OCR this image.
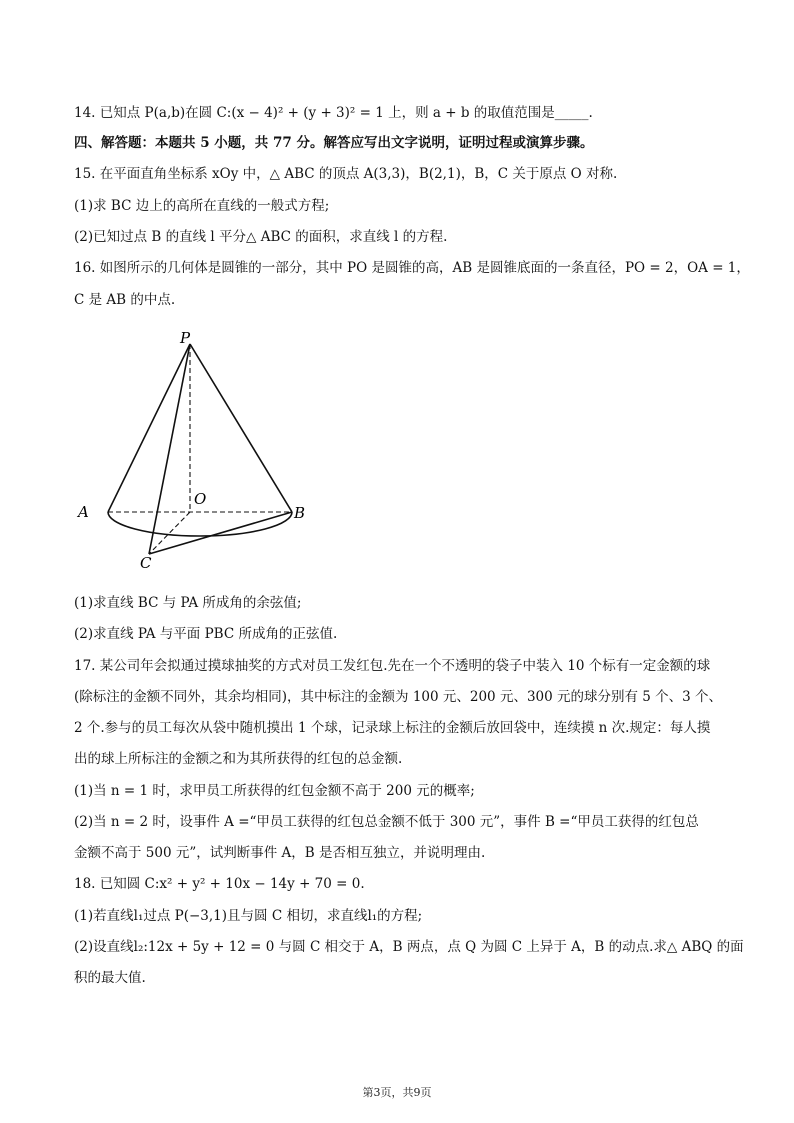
14. 已知点 P(a,b)在圆 C:(x − 4)² + (y + 3)² = 1 上，则 a + b 的取值范围是_____.
四、解答题：本题共 5 小题，共 77 分。解答应写出文字说明，证明过程或演算步骤。
15. 在平面直角坐标系 xOy 中，△ ABC 的顶点 A(3,3)，B(2,1)，B，C 关于原点 O 对称.
(1)求 BC 边上的高所在直线的一般式方程;
(2)已知过点 B 的直线 l 平分△ ABC 的面积，求直线 l 的方程.
16. 如图所示的几何体是圆锥的一部分，其中 PO 是圆锥的高，AB 是圆锥底面的一条直径，PO = 2，OA = 1，
C 是 AB 的中点.
P
O
A	B
C
(1)求直线 BC 与 PA 所成角的余弦值;
(2)求直线 PA 与平面 PBC 所成角的正弦值.
17. 某公司年会拟通过摸球抽奖的方式对员工发红包.先在一个不透明的袋子中装入 10 个标有一定金额的球
(除标注的金额不同外，其余均相同)，其中标注的金额为 100 元、200 元、300 元的球分别有 5 个、3 个、
2 个.参与的员工每次从袋中随机摸出 1 个球，记录球上标注的金额后放回袋中，连续摸 n 次.规定：每人摸
出的球上所标注的金额之和为其所获得的红包的总金额.
(1)当 n = 1 时，求甲员工所获得的红包金额不高于 200 元的概率;
(2)当 n = 2 时，设事件 A =“甲员工获得的红包总金额不低于 300 元”，事件 B =“甲员工获得的红包总
金额不高于 500 元”，试判断事件 A，B 是否相互独立，并说明理由.
18. 已知圆 C:x² + y² + 10x − 14y + 70 = 0.
(1)若直线l₁过点 P(−3,1)且与圆 C 相切，求直线l₁的方程;
(2)设直线l₂:12x + 5y + 12 = 0 与圆 C 相交于 A，B 两点，点 Q 为圆 C 上异于 A，B 的动点.求△ ABQ 的面
积的最大值.
第3页，共9页
